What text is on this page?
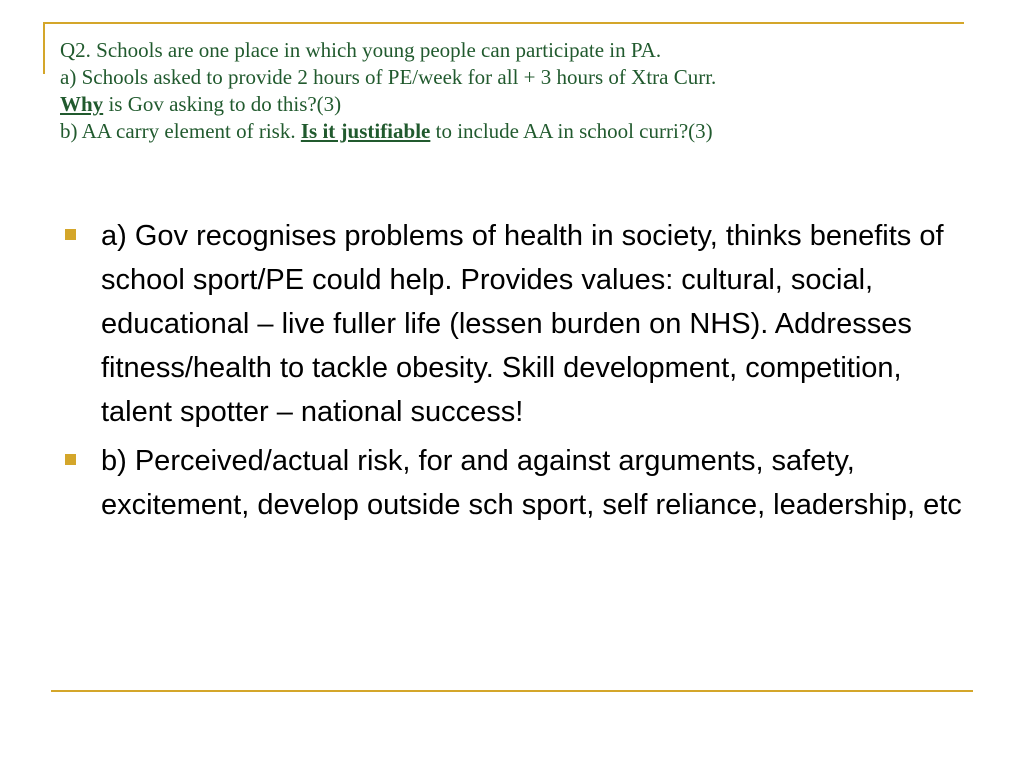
Q2. Schools are one place in which young people can participate in PA.
a) Schools asked to provide 2 hours of PE/week for all + 3 hours of Xtra Curr.
Why is Gov asking to do this?(3)
b) AA carry element of risk. Is it justifiable to include AA in school curri?(3)
a) Gov recognises problems of health in society, thinks benefits of school sport/PE could help. Provides values: cultural, social, educational – live fuller life (lessen burden on NHS). Addresses fitness/health to tackle obesity. Skill development, competition, talent spotter – national success!
b) Perceived/actual risk, for and against arguments, safety, excitement, develop outside sch sport, self reliance, leadership, etc
